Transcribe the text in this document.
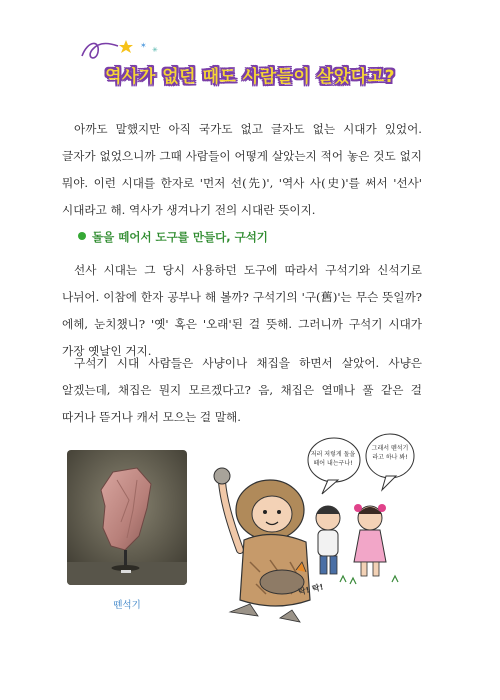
✶ ✳
역사가 없던 때도 사람들이 살았다고?

아까도 말했지만 아직 국가도 없고 글자도 없는 시대가 있었어. 글자가 없었으니까 그때 사람들이 어떻게 살았는지 적어 놓은 것도 없지 뭐야. 이런 시대를 한자로 '먼저 선(先)', '역사 사(史)'를 써서 '선사' 시대라고 해. 역사가 생겨나기 전의 시대란 뜻이지.

돌을 떼어서 도구를 만들다, 구석기

선사 시대는 그 당시 사용하던 도구에 따라서 구석기와 신석기로 나뉘어. 이참에 한자 공부나 해 볼까? 구석기의 '구(舊)'는 무슨 뜻일까? 에헤, 눈치챘니? '옛' 혹은 '오래'된 걸 뜻해. 그러니까 구석기 시대가 가장 옛날인 거지.

구석기 시대 사람들은 사냥이나 채집을 하면서 살았어. 사냥은 알겠는데, 채집은 뭔지 모르겠다고? 음, 채집은 열매나 풀 같은 걸 따거나 뜯거나 캐서 모으는 걸 말해.

뗀석기
저러 저렇게 돌을 떼어 내는구나!
그래서 뗀석기라고 하나 봐!
탁! 탁!
